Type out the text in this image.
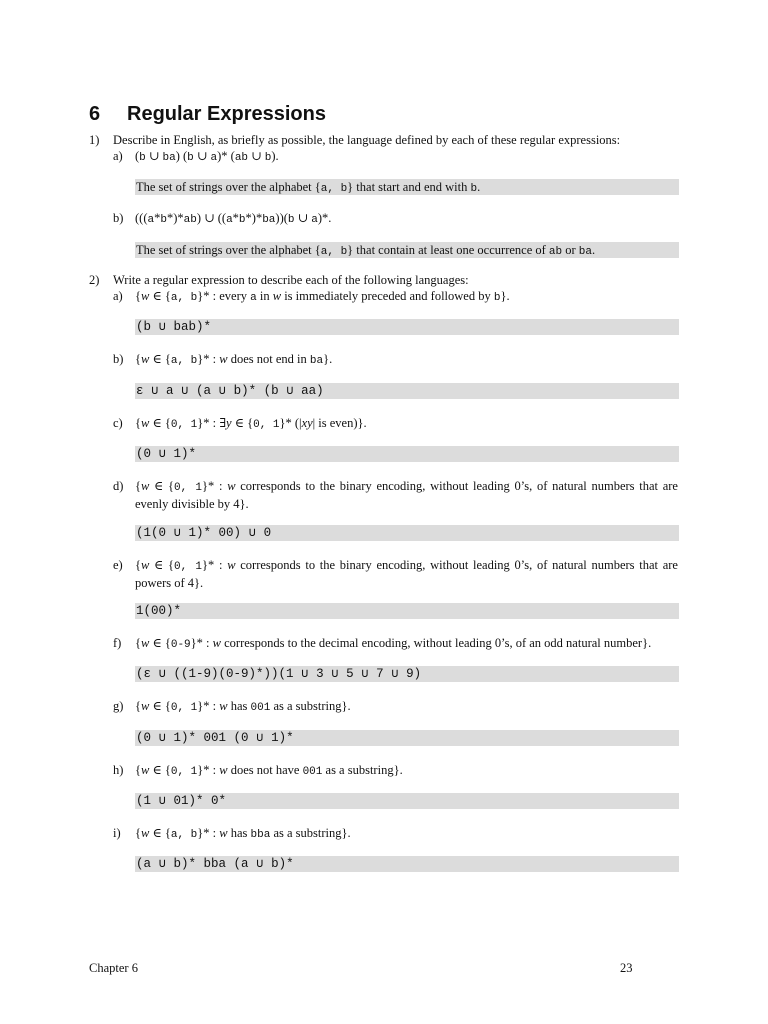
6 Regular Expressions
1) Describe in English, as briefly as possible, the language defined by each of these regular expressions:
a) (b ∪ ba) (b ∪ a)* (ab ∪ b).
The set of strings over the alphabet {a, b} that start and end with b.
b) (((a*b*)*ab) ∪ ((a*b*)*ba))(b ∪ a)*.
The set of strings over the alphabet {a, b} that contain at least one occurrence of ab or ba.
2) Write a regular expression to describe each of the following languages:
a) {w ∈ {a, b}* : every a in w is immediately preceded and followed by b}.
(b ∪ bab)*
b) {w ∈ {a, b}* : w does not end in ba}.
ε ∪ a ∪ (a ∪ b)* (b ∪ aa)
c) {w ∈ {0, 1}* : ∃y ∈ {0, 1}* (|xy| is even)}.
(0 ∪ 1)*
d) {w ∈ {0, 1}* : w corresponds to the binary encoding, without leading 0’s, of natural numbers that are evenly divisible by 4}.
(1(0 ∪ 1)* 00) ∪ 0
e) {w ∈ {0, 1}* : w corresponds to the binary encoding, without leading 0’s, of natural numbers that are powers of 4}.
1(00)*
f) {w ∈ {0-9}* : w corresponds to the decimal encoding, without leading 0’s, of an odd natural number}.
(ε ∪ ((1-9)(0-9)*))(1 ∪ 3 ∪ 5 ∪ 7 ∪ 9)
g) {w ∈ {0, 1}* : w has 001 as a substring}.
(0 ∪ 1)* 001 (0 ∪ 1)*
h) {w ∈ {0, 1}* : w does not have 001 as a substring}.
(1 ∪ 01)* 0*
i) {w ∈ {a, b}* : w has bba as a substring}.
(a ∪ b)* bba (a ∪ b)*
Chapter 6	23
